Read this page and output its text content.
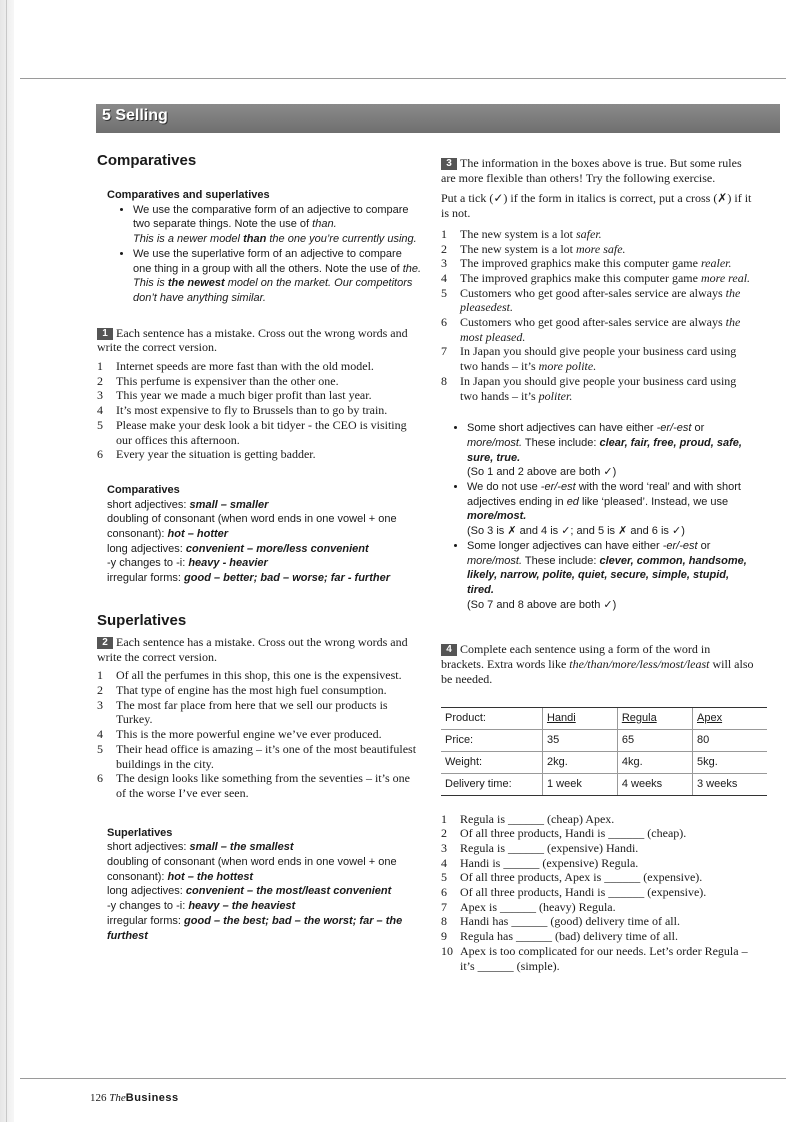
5 Selling
Comparatives
Comparatives and superlatives
• We use the comparative form of an adjective to compare two separate things. Note the use of than.
This is a newer model than the one you’re currently using.
• We use the superlative form of an adjective to compare one thing in a group with all the others. Note the use of the.
This is the newest model on the market. Our competitors don’t have anything similar.

1 Each sentence has a mistake. Cross out the wrong words and write the correct version.

1 Internet speeds are more fast than with the old model.
2 This perfume is expensiver than the other one.
3 This year we made a much biger profit than last year.
4 It’s most expensive to fly to Brussels than to go by train.
5 Please make your desk look a bit tidyer - the CEO is visiting our offices this afternoon.
6 Every year the situation is getting badder.
Comparatives
short adjectives: small – smaller
doubling of consonant (when word ends in one vowel + one consonant): hot – hotter
long adjectives: convenient – more/less convenient
-y changes to -i: heavy - heavier
irregular forms: good – better; bad – worse; far - further
Superlatives

2 Each sentence has a mistake. Cross out the wrong words and write the correct version.

1 Of all the perfumes in this shop, this one is the expensivest.
2 That type of engine has the most high fuel consumption.
3 The most far place from here that we sell our products is Turkey.
4 This is the more powerful engine we’ve ever produced.
5 Their head office is amazing – it’s one of the most beautifulest buildings in the city.
6 The design looks like something from the seventies – it’s one of the worse I’ve ever seen.
Superlatives
short adjectives: small – the smallest
doubling of consonant (when word ends in one vowel + one consonant): hot – the hottest
long adjectives: convenient – the most/least convenient
-y changes to -i: heavy – the heaviest
irregular forms: good – the best; bad – the worst; far – the furthest

3 The information in the boxes above is true. But some rules are more flexible than others! Try the following exercise.

Put a tick (✓) if the form in italics is correct, put a cross (✗) if it is not.

1 The new system is a lot safer.
2 The new system is a lot more safe.
3 The improved graphics make this computer game realer.
4 The improved graphics make this computer game more real.
5 Customers who get good after-sales service are always the pleasedest.
6 Customers who get good after-sales service are always the most pleased.
7 In Japan you should give people your business card using two hands – it’s more polite.
8 In Japan you should give people your business card using two hands – it’s politer.
• Some short adjectives can have either -er/-est or more/most. These include: clear, fair, free, proud, safe, sure, true.
(So 1 and 2 above are both ✓)
• We do not use -er/-est with the word ‘real’ and with short adjectives ending in ed like ‘pleased’. Instead, we use more/most.
(So 3 is ✗ and 4 is ✓; and 5 is ✗ and 6 is ✓)
• Some longer adjectives can have either -er/-est or more/most. These include: clever, common, handsome, likely, narrow, polite, quiet, secure, simple, stupid, tired.
(So 7 and 8 above are both ✓)

4 Complete each sentence using a form of the word in brackets. Extra words like the/than/more/less/most/least will also be needed.

Product:	Handi	Regula	Apex
Price:	35	65	80
Weight:	2kg.	4kg.	5kg.
Delivery time:	1 week	4 weeks	3 weeks
1 Regula is ______ (cheap) Apex.
2 Of all three products, Handi is ______ (cheap).
3 Regula is ______ (expensive) Handi.
4 Handi is ______ (expensive) Regula.
5 Of all three products, Apex is ______ (expensive).
6 Of all three products, Handi is ______ (expensive).
7 Apex is ______ (heavy) Regula.
8 Handi has ______ (good) delivery time of all.
9 Regula has ______ (bad) delivery time of all.
10 Apex is too complicated for our needs. Let’s order Regula – it’s ______ (simple).
126 TheBusiness
